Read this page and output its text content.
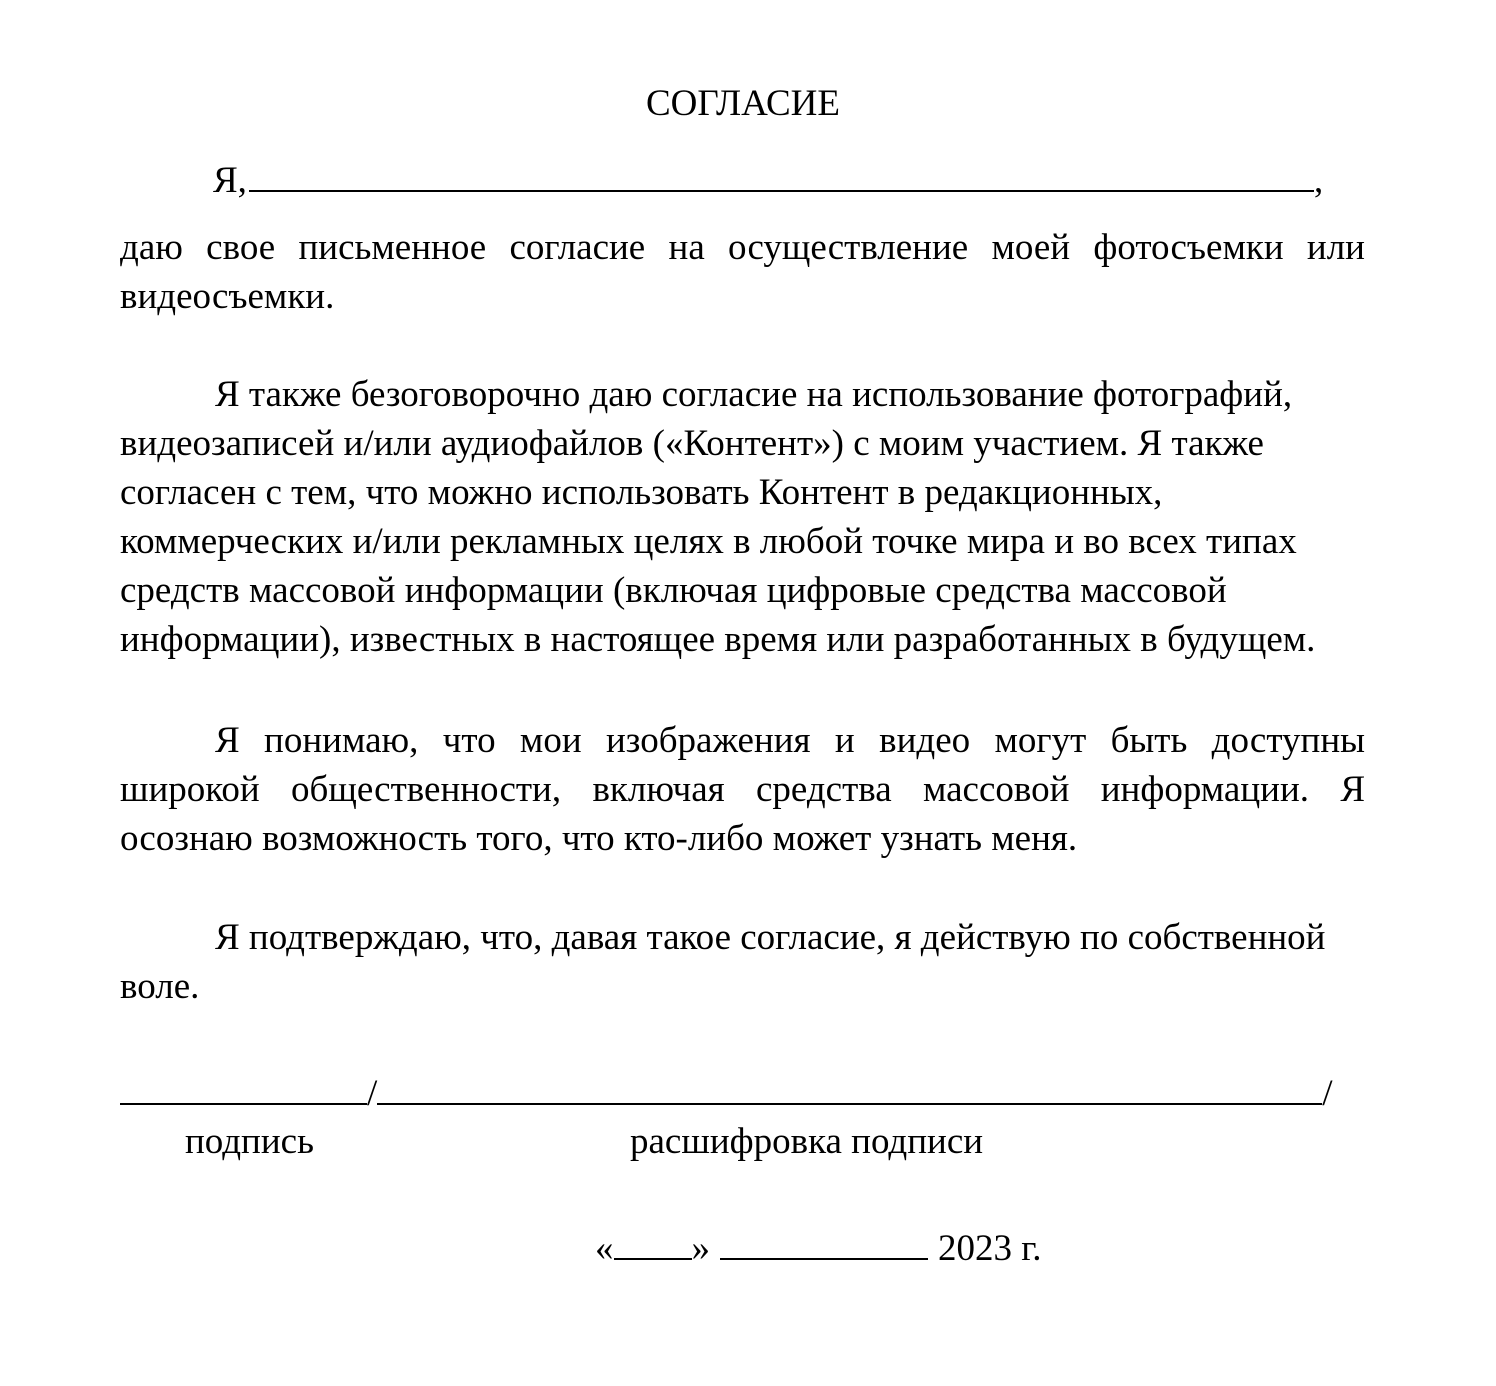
СОГЛАСИЕ
Я,	,

даю свое письменное согласие на осуществление моей фотосъемки или видеосъемки.

Я также безоговорочно даю согласие на использование фотографий, видеозаписей и/или аудиофайлов («Контент») с моим участием. Я также согласен с тем, что можно использовать Контент в редакционных, коммерческих и/или рекламных целях в любой точке мира и во всех типах средств массовой информации (включая цифровые средства массовой информации), известных в настоящее время или разработанных в будущем.

Я понимаю, что мои изображения и видео могут быть доступны широкой общественности, включая средства массовой информации. Я осознаю возможность того, что кто-либо может узнать меня.

Я подтверждаю, что, давая такое согласие, я действую по собственной воле.

/	/
подпись	расшифровка подписи
« »	2023 г.
